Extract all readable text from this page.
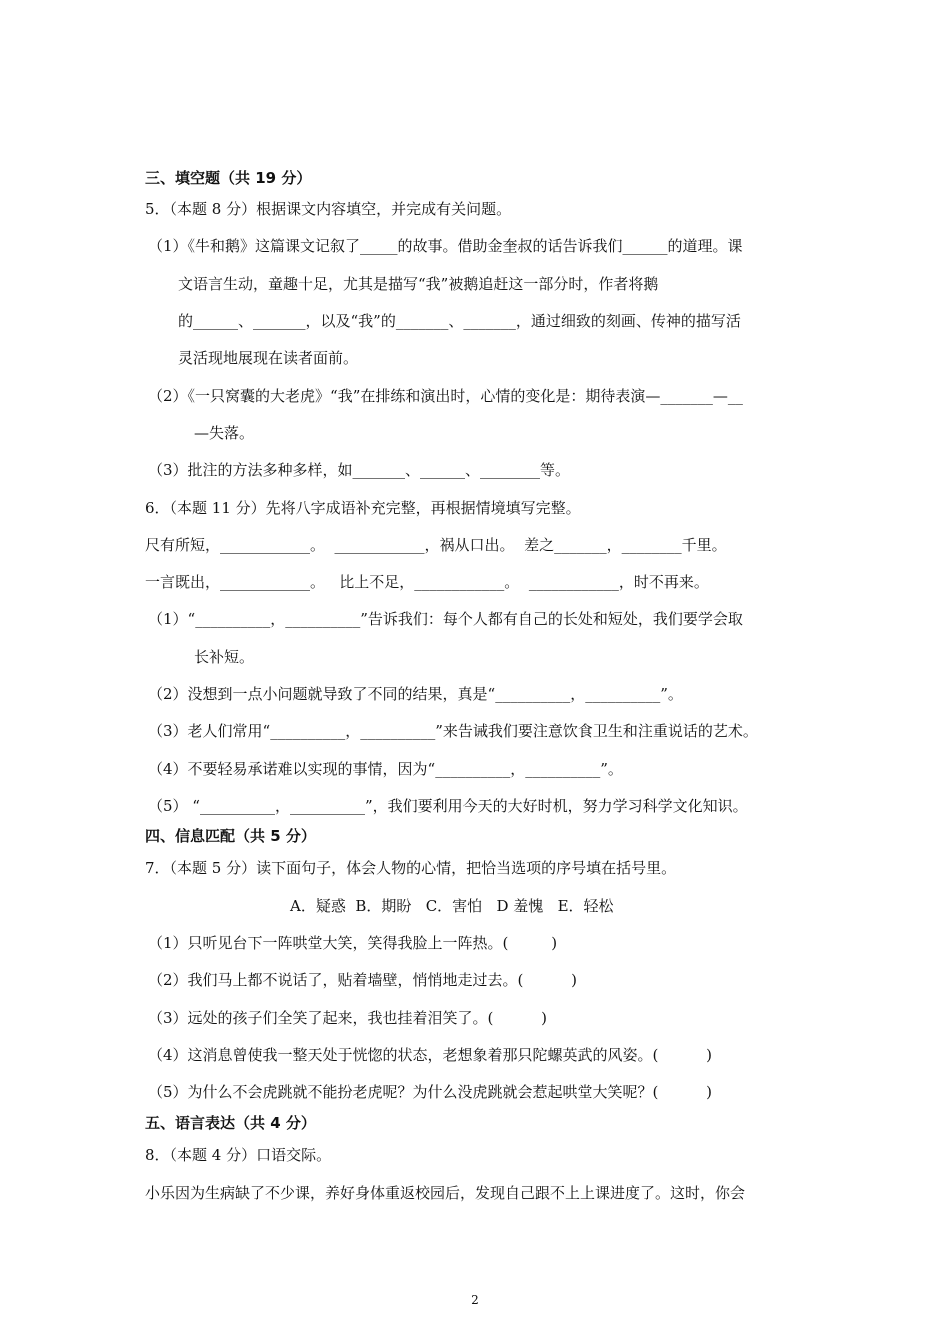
三、填空题（共 19 分）
5．（本题 8 分）根据课文内容填空，并完成有关问题。
（1）《牛和鹅》这篇课文记叙了_____的故事。借助金奎叔的话告诉我们______的道理。课
文语言生动，童趣十足，尤其是描写“我”被鹅追赶这一部分时，作者将鹅
的______、_______，以及“我”的_______、_______，通过细致的刻画、传神的描写活
灵活现地展现在读者面前。
（2）《一只窝囊的大老虎》“我”在排练和演出时，心情的变化是：期待表演—_______—__
—失落。
（3）批注的方法多种多样，如_______、______、________等。
6．（本题 11 分）先将八字成语补充完整，再根据情境填写完整。
尺有所短，____________。  ____________，祸从口出。  差之_______，________千里。
一言既出，____________。   比上不足，____________。  ____________，时不再来。
（1）“__________，__________”告诉我们：每个人都有自己的长处和短处，我们要学会取
长补短。
（2）没想到一点小问题就导致了不同的结果，真是“__________，__________”。
（3）老人们常用“__________，__________”来告诫我们要注意饮食卫生和注重说话的艺术。
（4）不要轻易承诺难以实现的事情，因为“__________，__________”。
（5） “__________，__________”，我们要利用今天的大好时机，努力学习科学文化知识。
四、信息匹配（共 5 分）
7．（本题 5 分）读下面句子，体会人物的心情，把恰当选项的序号填在括号里。
A．疑惑  B．期盼   C．害怕   D 羞愧   E．轻松
（1）只听见台下一阵哄堂大笑，笑得我脸上一阵热。(         )
（2）我们马上都不说话了，贴着墙壁，悄悄地走过去。(          )
（3）远处的孩子们全笑了起来，我也挂着泪笑了。(          )
（4）这消息曾使我一整天处于恍惚的状态，老想象着那只陀螺英武的风姿。(          )
（5）为什么不会虎跳就不能扮老虎呢？为什么没虎跳就会惹起哄堂大笑呢？(          )
五、语言表达（共 4 分）
8．（本题 4 分）口语交际。
小乐因为生病缺了不少课，养好身体重返校园后，发现自己跟不上上课进度了。这时，你会
2
